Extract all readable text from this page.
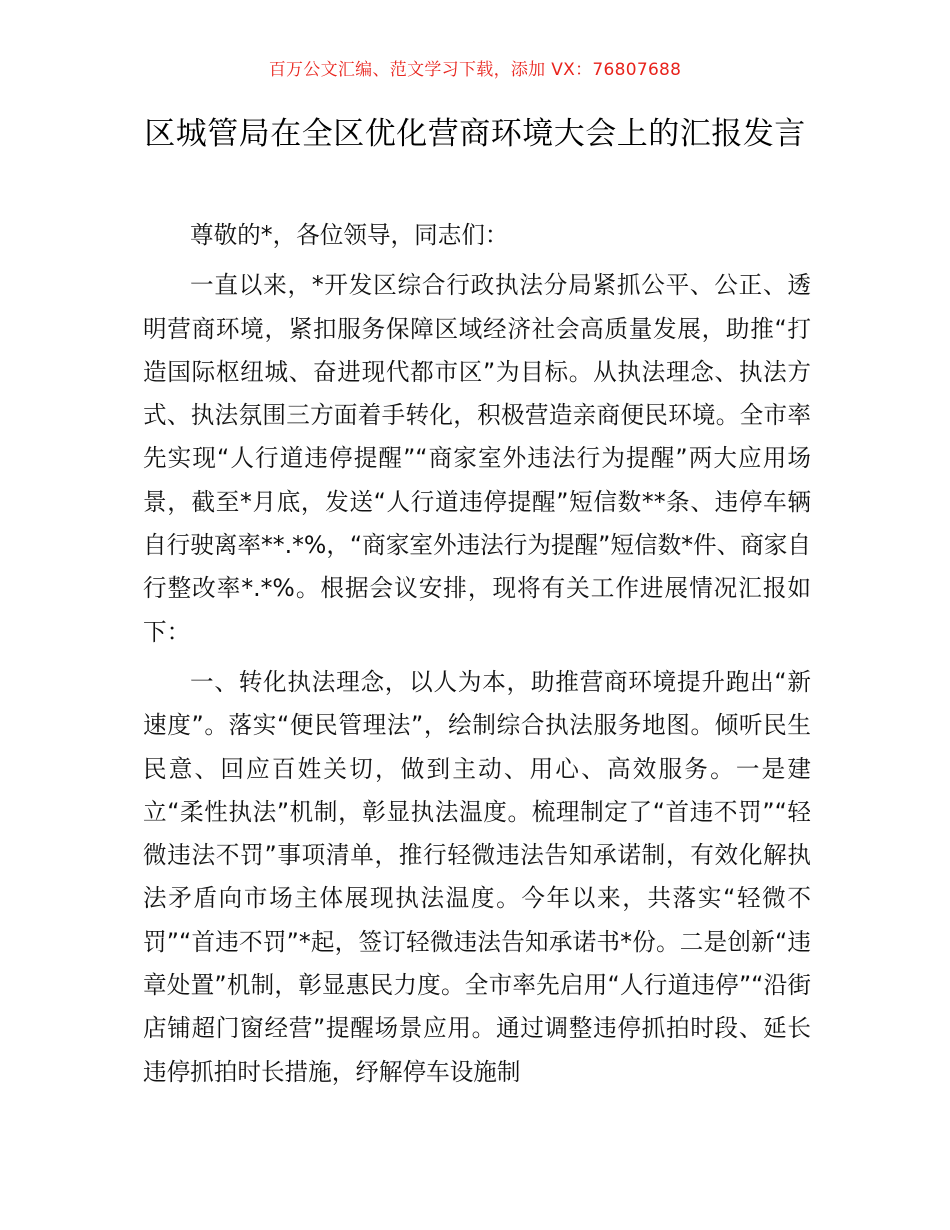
百万公文汇编、范文学习下载，添加 VX：76807688
区城管局在全区优化营商环境大会上的汇报发言

尊敬的*，各位领导，同志们：

一直以来，*开发区综合行政执法分局紧抓公平、公正、透明营商环境，紧扣服务保障区域经济社会高质量发展，助推“打造国际枢纽城、奋进现代都市区”为目标。从执法理念、执法方式、执法氛围三方面着手转化，积极营造亲商便民环境。全市率先实现“人行道违停提醒”“商家室外违法行为提醒”两大应用场景，截至*月底，发送“人行道违停提醒”短信数**条、违停车辆自行驶离率**.*%，“商家室外违法行为提醒”短信数*件、商家自行整改率*.*%。根据会议安排，现将有关工作进展情况汇报如下：

一、转化执法理念，以人为本，助推营商环境提升跑出“新速度”。落实“便民管理法”，绘制综合执法服务地图。倾听民生民意、回应百姓关切，做到主动、用心、高效服务。一是建立“柔性执法”机制，彰显执法温度。梳理制定了“首违不罚”“轻微违法不罚”事项清单，推行轻微违法告知承诺制，有效化解执法矛盾向市场主体展现执法温度。今年以来，共落实“轻微不罚”“首违不罚”*起，签订轻微违法告知承诺书*份。二是创新“违章处置”机制，彰显惠民力度。全市率先启用“人行道违停”“沿街店铺超门窗经营”提醒场景应用。通过调整违停抓拍时段、延长违停抓拍时长措施，纾解停车设施制
